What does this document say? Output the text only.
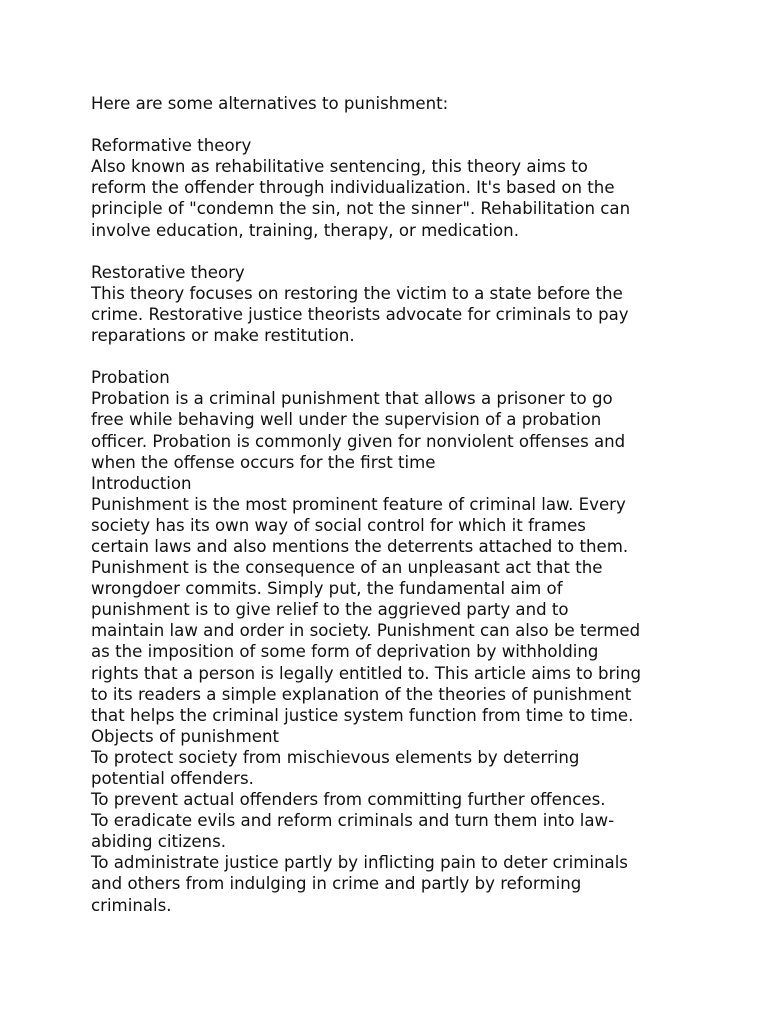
Here are some alternatives to punishment:
Reformative theory
Also known as rehabilitative sentencing, this theory aims to
reform the offender through individualization. It's based on the
principle of "condemn the sin, not the sinner". Rehabilitation can
involve education, training, therapy, or medication.
Restorative theory
This theory focuses on restoring the victim to a state before the
crime. Restorative justice theorists advocate for criminals to pay
reparations or make restitution.
Probation
Probation is a criminal punishment that allows a prisoner to go
free while behaving well under the supervision of a probation
officer. Probation is commonly given for nonviolent offenses and
when the offense occurs for the first time
Introduction
Punishment is the most prominent feature of criminal law. Every
society has its own way of social control for which it frames
certain laws and also mentions the deterrents attached to them.
Punishment is the consequence of an unpleasant act that the
wrongdoer commits. Simply put, the fundamental aim of
punishment is to give relief to the aggrieved party and to
maintain law and order in society. Punishment can also be termed
as the imposition of some form of deprivation by withholding
rights that a person is legally entitled to. This article aims to bring
to its readers a simple explanation of the theories of punishment
that helps the criminal justice system function from time to time.
Objects of punishment
To protect society from mischievous elements by deterring
potential offenders.
To prevent actual offenders from committing further offences.
To eradicate evils and reform criminals and turn them into law-
abiding citizens.
To administrate justice partly by inflicting pain to deter criminals
and others from indulging in crime and partly by reforming
criminals.
